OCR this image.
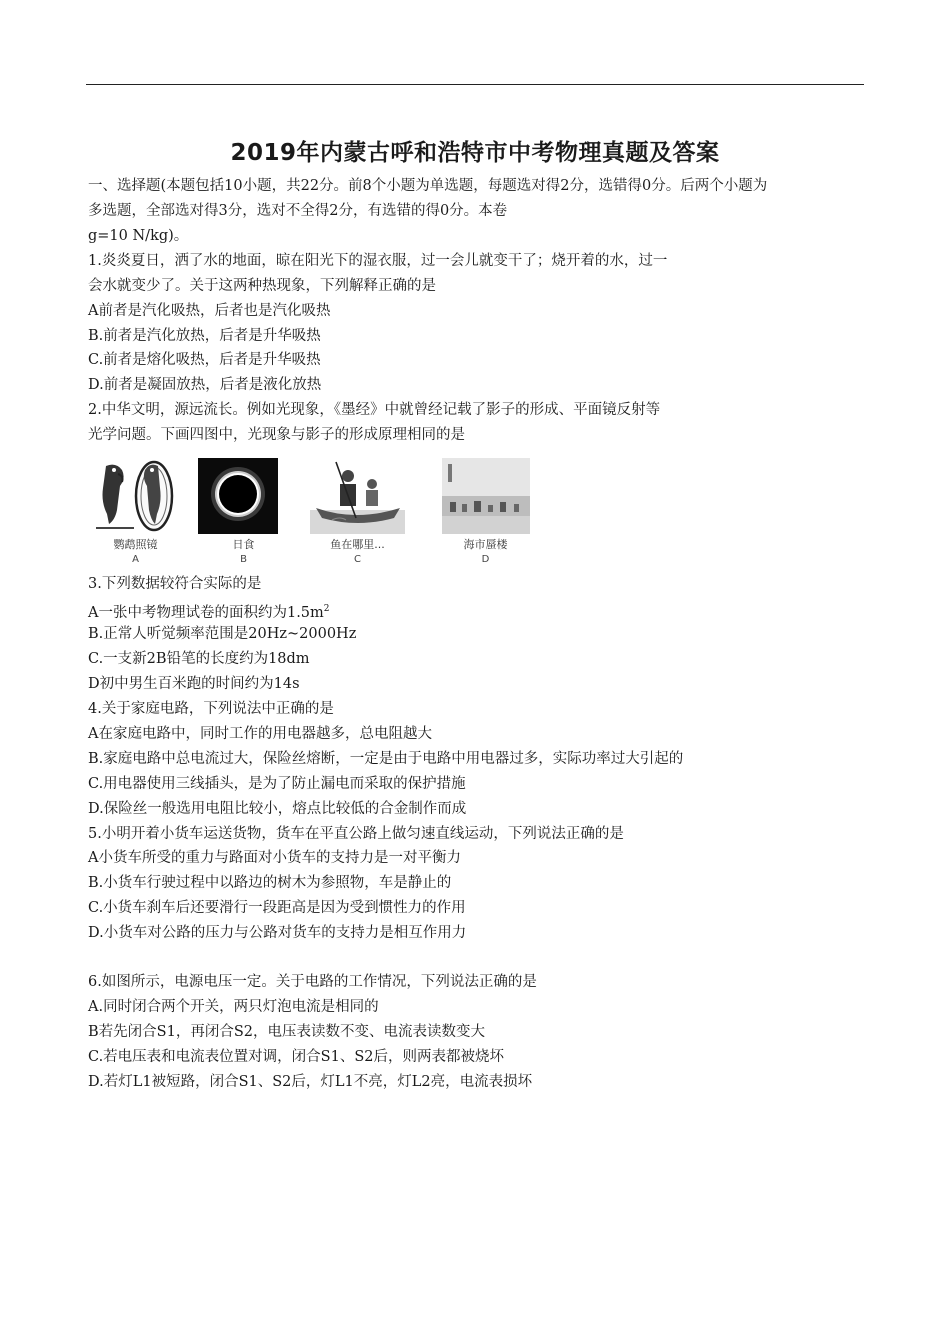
2019年内蒙古呼和浩特市中考物理真题及答案
一、选择题(本题包括10小题，共22分。前8个小题为单选题，每题选对得2分，选错得0分。后两个小题为
多选题，全部选对得3分，选对不全得2分，有选错的得0分。本卷
g=10 N/kg)。
1.炎炎夏日，洒了水的地面，晾在阳光下的湿衣服，过一会儿就变干了；烧开着的水，过一
会水就变少了。关于这两种热现象，下列解释正确的是
A前者是汽化吸热，后者也是汽化吸热
B.前者是汽化放热，后者是升华吸热
C.前者是熔化吸热，后者是升华吸热
D.前者是凝固放热，后者是液化放热
2.中华文明，源远流长。例如光现象，《墨经》中就曾经记载了影子的形成、平面镜反射等
光学问题。下画四图中，光现象与影子的形成原理相同的是
鹦鹉照镜
A
日食
B
鱼在哪里...
C
海市蜃楼
D
3.下列数据较符合实际的是
A一张中考物理试卷的面积约为$1.5m^2$
B.正常人听觉频率范围是20Hz~2000Hz
C.一支新2B铅笔的长度约为18dm
D初中男生百米跑的时间约为14s
4.关于家庭电路，下列说法中正确的是
A在家庭电路中，同时工作的用电器越多，总电阻越大
B.家庭电路中总电流过大，保险丝熔断，一定是由于电路中用电器过多，实际功率过大引起的
C.用电器使用三线插头，是为了防止漏电而采取的保护措施
D.保险丝一般选用电阻比较小，熔点比较低的合金制作而成
5.小明开着小货车运送货物，货车在平直公路上做匀速直线运动，下列说法正确的是
A小货车所受的重力与路面对小货车的支持力是一对平衡力
B.小货车行驶过程中以路边的树木为参照物，车是静止的
C.小货车刹车后还要滑行一段距高是因为受到惯性力的作用
D.小货车对公路的压力与公路对货车的支持力是相互作用力
6.如图所示，电源电压一定。关于电路的工作情况，下列说法正确的是
A.同时闭合两个开关，两只灯泡电流是相同的
B若先闭合S1，再闭合S2，电压表读数不变、电流表读数变大
C.若电压表和电流表位置对调，闭合S1、S2后，则两表都被烧坏
D.若灯L1被短路，闭合S1、S2后，灯L1不亮，灯L2亮，电流表损坏
